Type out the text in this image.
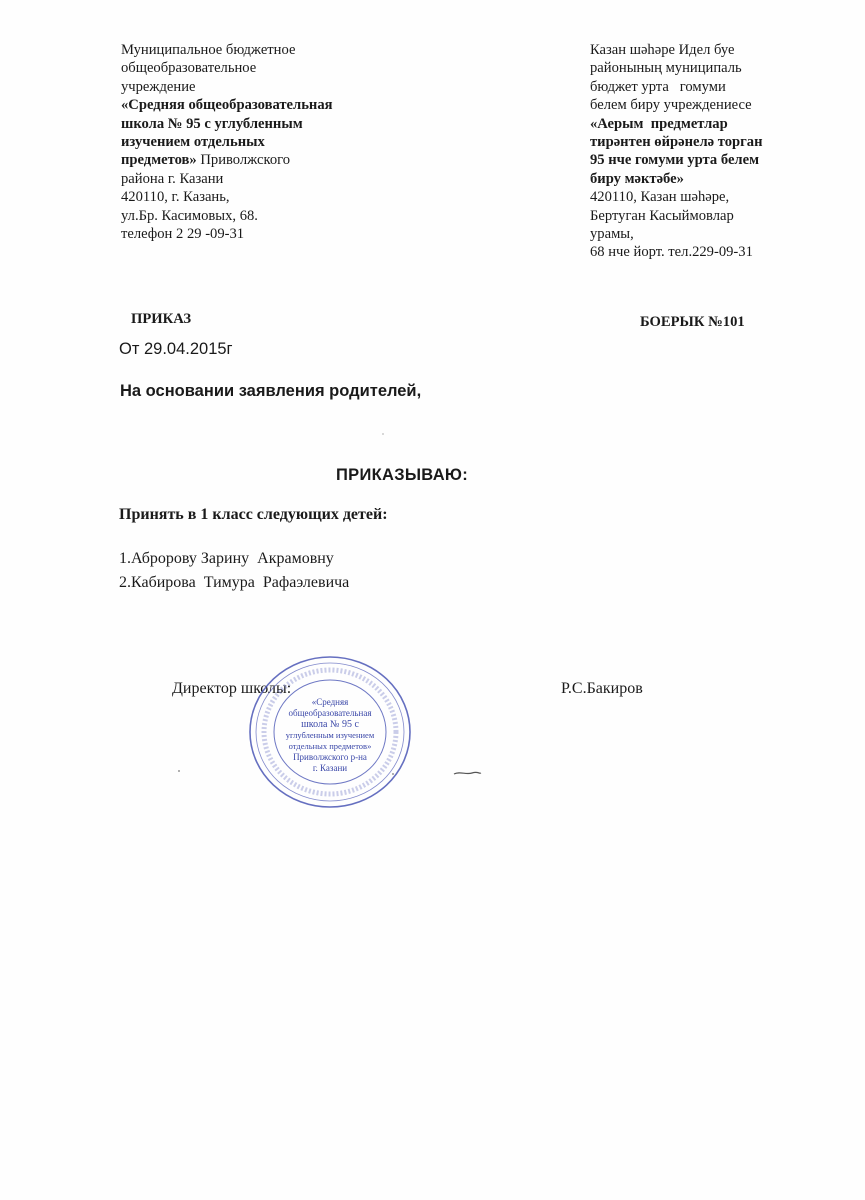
Муниципальное бюджетное
общеобразовательное
учреждение
«Средняя общеобразовательная
школа № 95 с углубленным
изучением отдельных
предметов» Приволжского
района г. Казани
420110, г. Казань,
ул.Бр. Касимовых, 68.
телефон 2 29 -09-31
Казан шәһәре Идел буе
районының муниципаль
бюджет урта   гомуми
белем биру учреждениесе
«Аерым  предметлар
тирәнтен өйрәнелә торган
95 нче гомуми урта белем
биру мәктәбе»
420110, Казан шәһәре,
Бертуган Касыймовлар
урамы,
68 нче йорт. тел.229-09-31
ПРИКАЗ	БОЕРЫК №101
От 29.04.2015г
На основании заявления родителей,
ПРИКАЗЫВАЮ:
Принять в 1 класс следующих детей:
1.Абророву Зарину  Акрамовну
2.Кабирова  Тимура  Рафаэлевича
Директор школы:	Р.С.Бакиров
«Средняя
общеобразовательная
школа № 95 с
углубленным изучением
отдельных предметов»
Приволжского р-на
г. Казани
